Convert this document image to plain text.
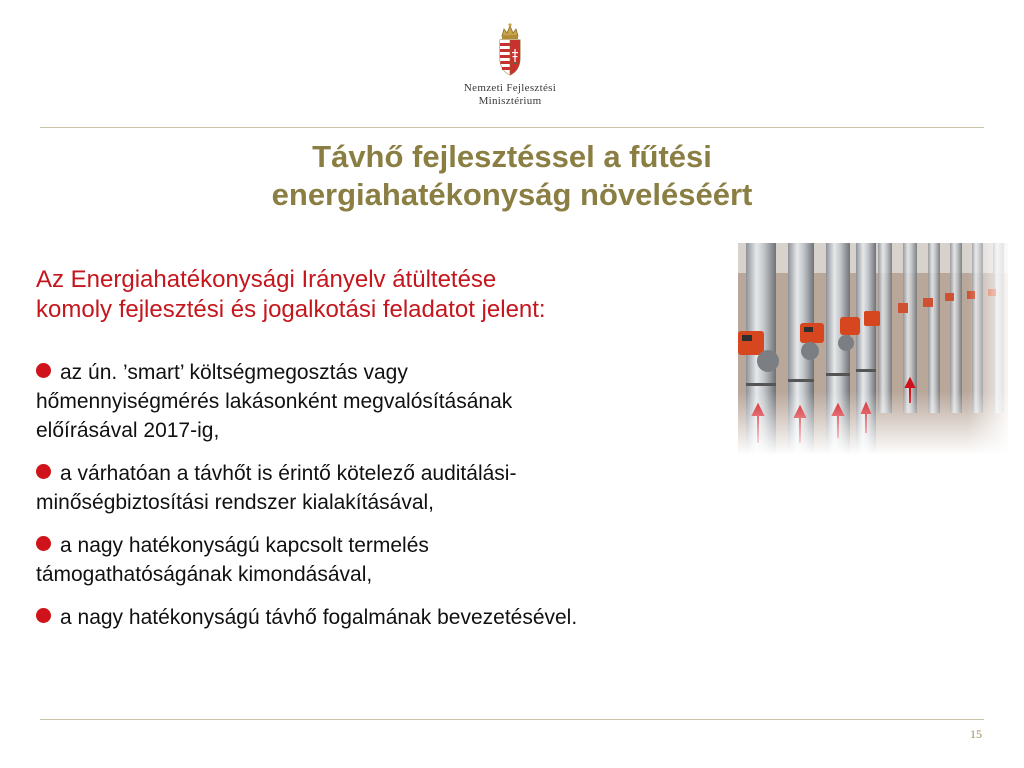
Nemzeti Fejlesztési
Minisztérium
Távhő fejlesztéssel a fűtési
energiahatékonyság növeléséért
Az Energiahatékonysági Irányelv átültetése
komoly fejlesztési és jogalkotási feladatot jelent:
az ún. ’smart’ költségmegosztás vagy
hőmennyiségmérés lakásonként megvalósításának
előírásával 2017-ig,
a várhatóan a távhőt is érintő kötelező auditálási-
minőségbiztosítási rendszer kialakításával,
a nagy hatékonyságú kapcsolt termelés
támogathatóságának kimondásával,
a nagy hatékonyságú távhő fogalmának bevezetésével.
15
